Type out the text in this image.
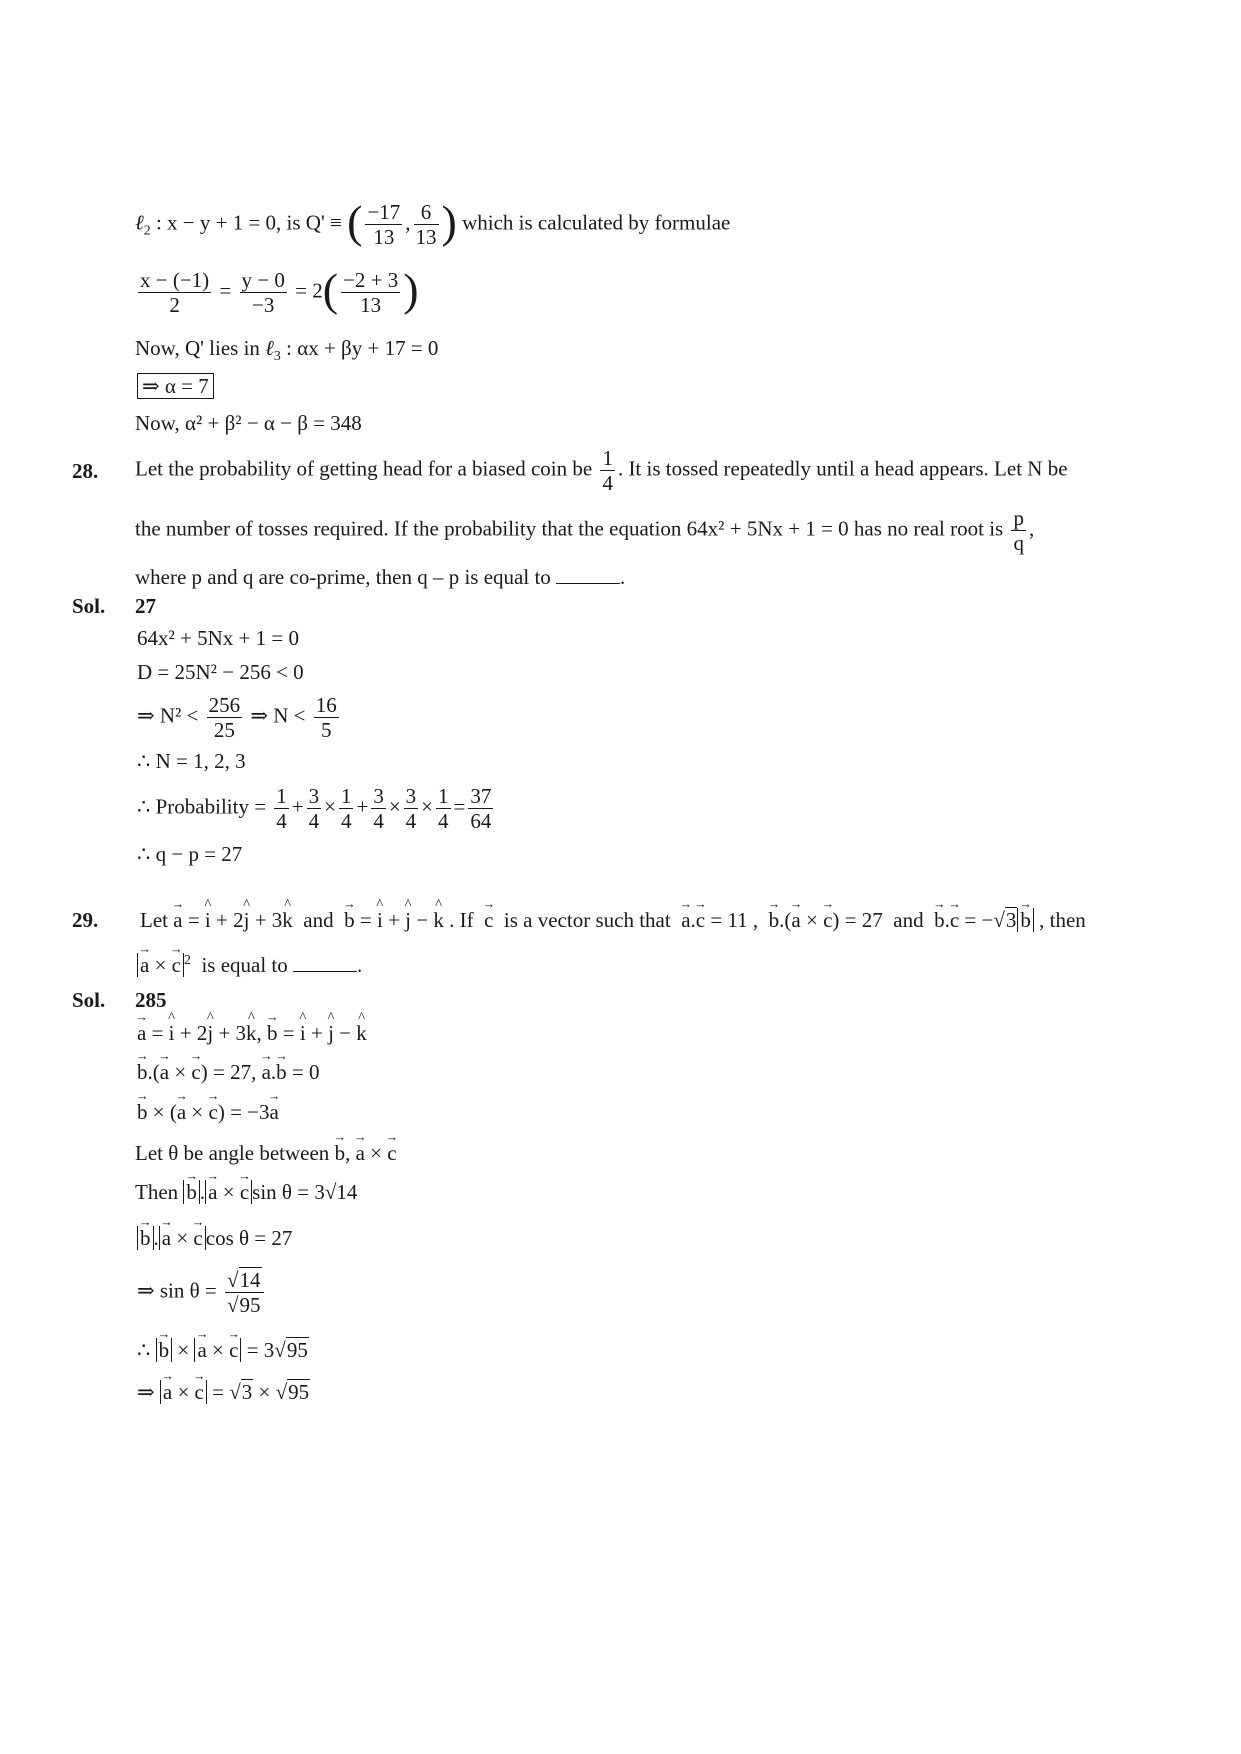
ℓ$_2$ : x − y + 1 = 0, is Q' ≡ ( $\frac{-17}{13}$ , $\frac{6}{13}$ ) which is calculated by formulae
$\frac{x - (-1)}{2} = \frac{y - 0}{-3} = 2( \frac{-2 + 3}{13}$ )
Now, Q' lies in ℓ$_3$ : αx + βy + 17 = 0
⇒ α = 7
Now, α² + β² − α − β = 348
28. Let the probability of getting head for a biased coin be $\frac{1}{4}$ . It is tossed repeatedly until a head appears. Let N be
the number of tosses required. If the probability that the equation 64x² + 5Nx + 1 = 0 has no real root is $\frac{p}{q}$ ,
where p and q are co-prime, then q – p is equal to	.
Sol. 27
64x² + 5Nx + 1 = 0
D = 25N² − 256 < 0
⇒ $N^2 < \frac{256}{25}$ ⇒ $N < \frac{16}{5}$
∴ N = 1, 2, 3
∴ Probability = $\frac{1}{4} + \frac{3}{4} \times \frac{1}{4} + \frac{3}{4} \times \frac{3}{4} \times \frac{1}{4} = \frac{37}{64}$
∴ q − p = 27
29. Let → a = ^ i + 2^ j + 3^ k  and  → b = ^ i + ^ j − ^ k . If  → c  is a vector such that  → a.→ c = 11 ,  → b.(→ a × → c) = 27  and  → b.→ c = −√3 → b , then
→ a × → c $^2$ is equal to	.
Sol. 285
→ a = ^ i + 2^ j + 3^ k, → b = ^ i + ^ j − ^ k
→ b.(→ a × → c) = 27, → a.→ b = 0
→ b × (→ a × → c) = −3→ a
Let θ be angle between → b, → a × → c
Then → b . → a × → c sin θ = 3√14
→ b . → a × → c cos θ = 27
⇒ $\sin \theta = \frac{√14}{√95}$
∴ → b × → a × → c = 3√95
⇒ → a × → c = √3 × √95
